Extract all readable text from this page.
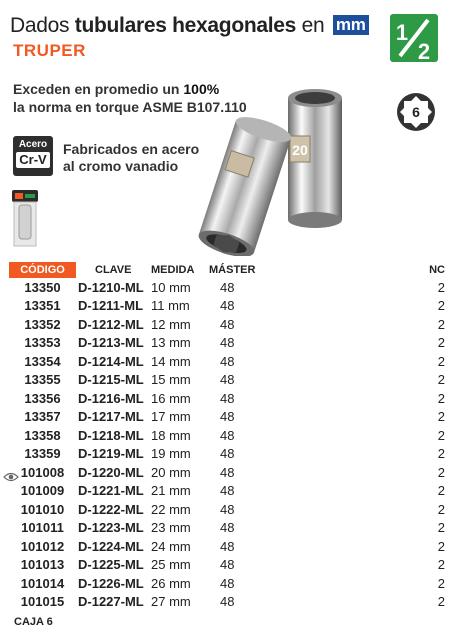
Dados tubulares hexagonales en mm
TRUPER
1
2
Exceden en promedio un 100%
la norma en torque ASME B107.110	6
Acero
Cr-V
Fabricados en acero
al cromo vanadio
20
CÓDIGO	CLAVE	MEDIDA	MÁSTER	NC
13350	D-1210-ML	10 mm	48	2
13351	D-1211-ML	11 mm	48	2
13352	D-1212-ML	12 mm	48	2
13353	D-1213-ML	13 mm	48	2
13354	D-1214-ML	14 mm	48	2
13355	D-1215-ML	15 mm	48	2
13356	D-1216-ML	16 mm	48	2
13357	D-1217-ML	17 mm	48	2
13358	D-1218-ML	18 mm	48	2
13359	D-1219-ML	19 mm	48	2
101008	D-1220-ML	20 mm	48	2
101009	D-1221-ML	21 mm	48	2
101010	D-1222-ML	22 mm	48	2
101011	D-1223-ML	23 mm	48	2
101012	D-1224-ML	24 mm	48	2
101013	D-1225-ML	25 mm	48	2
101014	D-1226-ML	26 mm	48	2
101015	D-1227-ML	27 mm	48	2
CAJA 6
